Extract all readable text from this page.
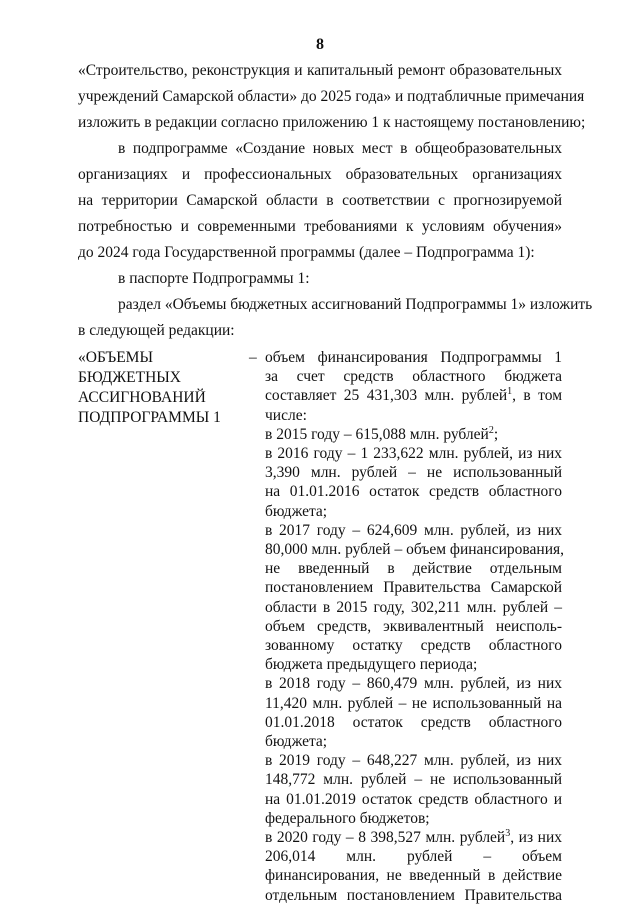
8
«Строительство, реконструкция и капитальный ремонт образовательных
учреждений Самарской области» до 2025 года» и подтабличные примечания
изложить в редакции согласно приложению 1 к настоящему постановлению;
в подпрограмме «Создание новых мест в общеобразовательных
организациях и профессиональных образовательных организациях
на территории Самарской области в соответствии с прогнозируемой
потребностью и современными требованиями к условиям обучения»
до 2024 года Государственной программы (далее – Подпрограмма 1):
в паспорте Подпрограммы 1:
раздел «Объемы бюджетных ассигнований Подпрограммы 1» изложить
в следующей редакции:
«ОБЪЕМЫ
БЮДЖЕТНЫХ
АССИГНОВАНИЙ
ПОДПРОГРАММЫ 1
– объем финансирования Подпрограммы 1
за счет средств областного бюджета
составляет 25 431,303 млн. рублей$^1$, в том
числе:
в 2015 году – 615,088 млн. рублей$^2$;
в 2016 году – 1 233,622 млн. рублей, из них
3,390 млн. рублей – не использованный
на 01.01.2016 остаток средств областного
бюджета;
в 2017 году – 624,609 млн. рублей, из них
80,000 млн. рублей – объем финансирования,
не введенный в действие отдельным
постановлением Правительства Самарской
области в 2015 году, 302,211 млн. рублей –
объем средств, эквивалентный неисполь-
зованному остатку средств областного
бюджета предыдущего периода;
в 2018 году – 860,479 млн. рублей, из них
11,420 млн. рублей – не использованный на
01.01.2018 остаток средств областного
бюджета;
в 2019 году – 648,227 млн. рублей, из них
148,772 млн. рублей – не использованный
на 01.01.2019 остаток средств областного и
федерального бюджетов;
в 2020 году – 8 398,527 млн. рублей$^3$, из них
206,014 млн. рублей – объем
финансирования, не введенный в действие
отдельным постановлением Правительства
